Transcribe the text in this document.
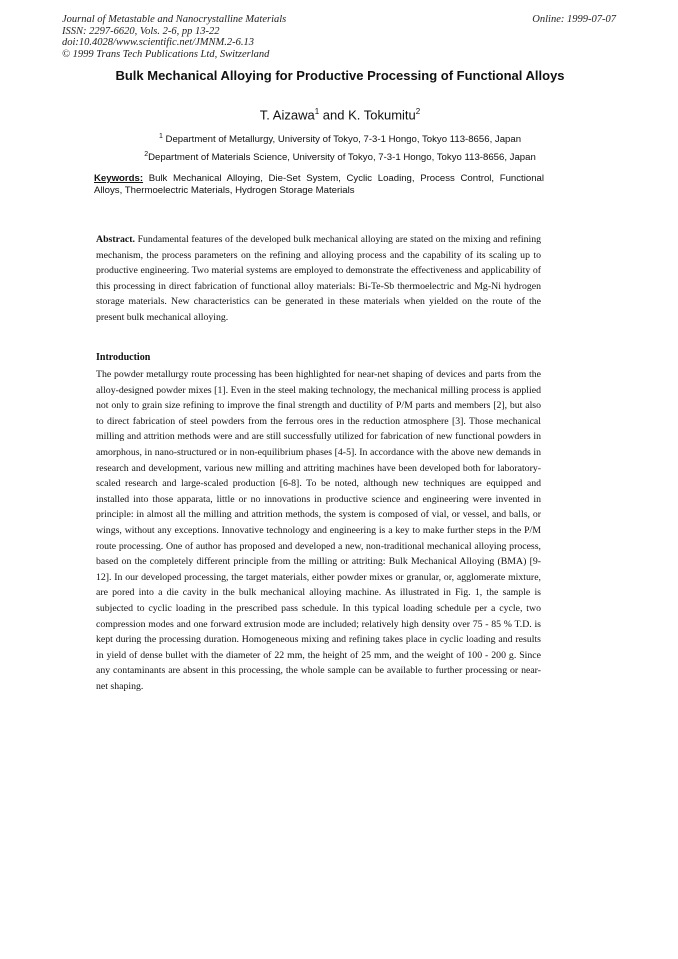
Journal of Metastable and Nanocrystalline Materials
ISSN: 2297-6620, Vols. 2-6, pp 13-22
doi:10.4028/www.scientific.net/JMNM.2-6.13
© 1999 Trans Tech Publications Ltd, Switzerland
Online: 1999-07-07
Bulk Mechanical Alloying for Productive Processing of Functional Alloys
T. Aizawa$^1$ and K. Tokumitu$^2$
$^1$ Department of Metallurgy, University of Tokyo, 7-3-1 Hongo, Tokyo 113-8656, Japan
$^2$Department of Materials Science, University of Tokyo, 7-3-1 Hongo, Tokyo 113-8656, Japan
Keywords: Bulk Mechanical Alloying, Die-Set System, Cyclic Loading, Process Control, Functional Alloys, Thermoelectric Materials, Hydrogen Storage Materials

Abstract. Fundamental features of the developed bulk mechanical alloying are stated on the mixing and refining mechanism, the process parameters on the refining and alloying process and the capability of its scaling up to productive engineering. Two material systems are employed to demonstrate the effectiveness and applicability of this processing in direct fabrication of functional alloy materials: Bi-Te-Sb thermoelectric and Mg-Ni hydrogen storage materials. New characteristics can be generated in these materials when yielded on the route of the present bulk mechanical alloying.

Introduction

The powder metallurgy route processing has been highlighted for near-net shaping of devices and parts from the alloy-designed powder mixes [1]. Even in the steel making technology, the mechanical milling process is applied not only to grain size refining to improve the final strength and ductility of P/M parts and members [2], but also to direct fabrication of steel powders from the ferrous ores in the reduction atmosphere [3]. Those mechanical milling and attrition methods were and are still successfully utilized for fabrication of new functional powders in amorphous, in nano-structured or in non-equilibrium phases [4-5]. In accordance with the above new demands in research and development, various new milling and attriting machines have been developed both for laboratory-scaled research and large-scaled production [6-8]. To be noted, although new techniques are equipped and installed into those apparata, little or no innovations in productive science and engineering were invented in principle: in almost all the milling and attrition methods, the system is composed of vial, or vessel, and balls, or wings, without any exceptions. Innovative technology and engineering is a key to make further steps in the P/M route processing. One of author has proposed and developed a new, non-traditional mechanical alloying process, based on the completely different principle from the milling or attriting: Bulk Mechanical Alloying (BMA) [9-12]. In our developed processing, the target materials, either powder mixes or granular, or, agglomerate mixture, are pored into a die cavity in the bulk mechanical alloying machine. As illustrated in Fig. 1, the sample is subjected to cyclic loading in the prescribed pass schedule. In this typical loading schedule per a cycle, two compression modes and one forward extrusion mode are included; relatively high density over 75 - 85 % T.D. is kept during the processing duration. Homogeneous mixing and refining takes place in cyclic loading and results in yield of dense bullet with the diameter of 22 mm, the height of 25 mm, and the weight of 100 - 200 g. Since any contaminants are absent in this processing, the whole sample can be available to further processing or near-net shaping.
